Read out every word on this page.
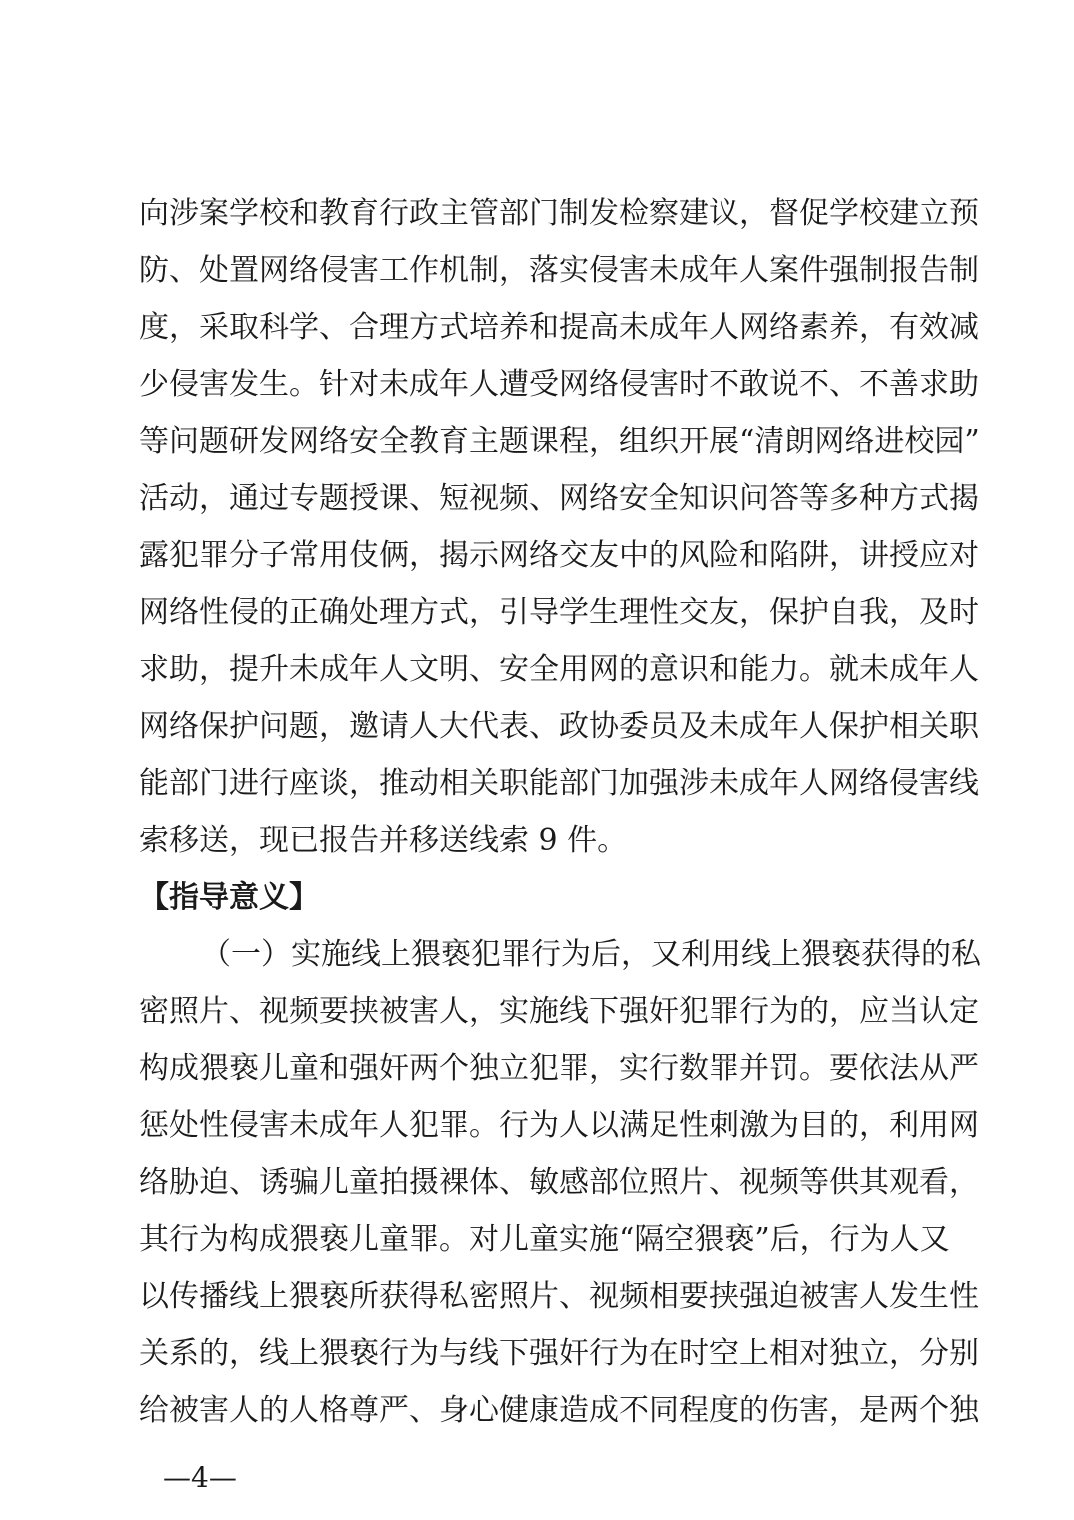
向涉案学校和教育行政主管部门制发检察建议，督促学校建立预
防、处置网络侵害工作机制，落实侵害未成年人案件强制报告制
度，采取科学、合理方式培养和提高未成年人网络素养，有效减
少侵害发生。针对未成年人遭受网络侵害时不敢说不、不善求助
等问题研发网络安全教育主题课程，组织开展“清朗网络进校园”
活动，通过专题授课、短视频、网络安全知识问答等多种方式揭
露犯罪分子常用伎俩，揭示网络交友中的风险和陷阱，讲授应对
网络性侵的正确处理方式，引导学生理性交友，保护自我，及时
求助，提升未成年人文明、安全用网的意识和能力。就未成年人
网络保护问题，邀请人大代表、政协委员及未成年人保护相关职
能部门进行座谈，推动相关职能部门加强涉未成年人网络侵害线
索移送，现已报告并移送线索 9 件。
【指导意义】
（一）实施线上猥亵犯罪行为后，又利用线上猥亵获得的私
密照片、视频要挟被害人，实施线下强奸犯罪行为的，应当认定
构成猥亵儿童和强奸两个独立犯罪，实行数罪并罚。要依法从严
惩处性侵害未成年人犯罪。行为人以满足性刺激为目的，利用网
络胁迫、诱骗儿童拍摄裸体、敏感部位照片、视频等供其观看，
其行为构成猥亵儿童罪。对儿童实施“隔空猥亵”后，行为人又
以传播线上猥亵所获得私密照片、视频相要挟强迫被害人发生性
关系的，线上猥亵行为与线下强奸行为在时空上相对独立，分别
给被害人的人格尊严、身心健康造成不同程度的伤害，是两个独
—4—
